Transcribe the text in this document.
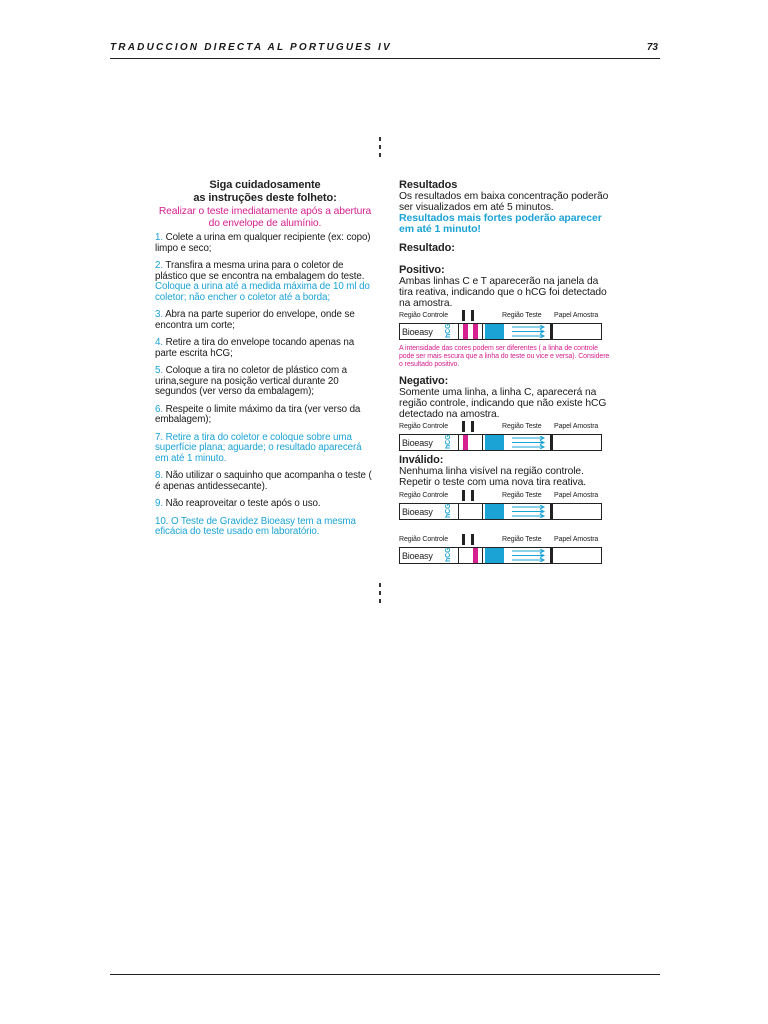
TRADUCCION DIRECTA AL PORTUGUES IV	73
Siga cuidadosamente
as instruções deste folheto:
Realizar o teste imediatamente após a abertura do envelope de alumínio.
1. Colete a urina em qualquer recipiente (ex: copo) limpo e seco;
2. Transfira a mesma urina para o coletor de plástico que se encontra na embalagem do teste. Coloque a urina até a medida máxima de 10 ml do coletor; não encher o coletor até a borda;
3. Abra na parte superior do envelope, onde se encontra um corte;
4. Retire a tira do envelope tocando apenas na parte escrita hCG;
5. Coloque a tira no coletor de plástico com a urina,segure na posição vertical durante 20 segundos (ver verso da embalagem);
6. Respeite o limite máximo da tira (ver verso da embalagem);
7. Retire a tira do coletor e coloque sobre uma superfície plana; aguarde; o resultado aparecerá em até 1 minuto.
8. Não utilizar o saquinho que acompanha o teste ( é apenas antidessecante).
9. Não reaproveitar o teste após o uso.
10. O Teste de Gravidez Bioeasy tem a mesma eficácia do teste usado em laboratório.
Resultados
Os resultados em baixa concentração poderão ser visualizados em até 5 minutos.
Resultados mais fortes poderão aparecer em até 1 minuto!
Resultado:
Positivo:
Ambas linhas C e T aparecerão na janela da tira reativa, indicando que o hCG foi detectado na amostra.
Região Controle	Região Teste Papel Amostra
Bioeasy hCG
A intensidade das cores podem ser diferentes ( a linha de controle pode ser mais escura que a linha do teste ou vice e versa). Considere o resultado positivo.
Negativo:
Somente uma linha, a linha C, aparecerá na região controle, indicando que não existe hCG detectado na amostra.
Região Controle	Região Teste Papel Amostra
Bioeasy hCG
Inválido:
Nenhuma linha visível na região controle. Repetir o teste com uma nova tira reativa.
Região Controle	Região Teste Papel Amostra
Bioeasy hCG
Região Controle	Região Teste Papel Amostra
Bioeasy hCG
